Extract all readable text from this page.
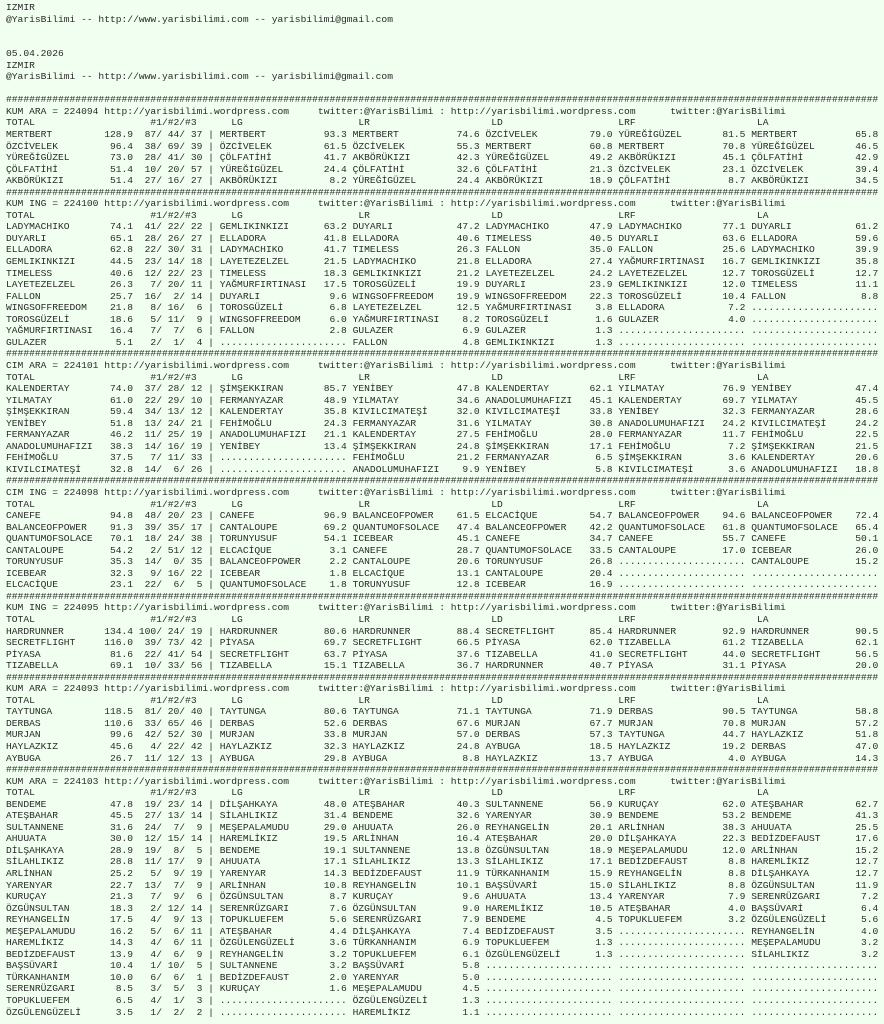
IZMIR
@YarisBilimi -- http://www.yarisbilimi.com -- yarisbilimi@gmail.com
05.04.2026
IZMIR
@YarisBilimi -- http://www.yarisbilimi.com -- yarisbilimi@gmail.com
#######################################################################################################################################################
KUM ARA = 224094 http://yarisbilimi.wordpress.com     twitter:@YarisBilimi : http://yarisbilimi.wordpress.com      twitter:@YarisBilimi
TOTAL                    #1/#2/#3      LG                    LR                     LD                    LRF                     LA
MERTBERT         128.9  87/ 44/ 37 | MERTBERT          93.3 MERTBERT          74.6 ÖZCİVELEK         79.0 YÜREĞİGÜZEL       81.5 MERTBERT          65.8
ÖZCİVELEK         96.4  38/ 69/ 39 | ÖZCİVELEK         61.5 ÖZCİVELEK         55.3 MERTBERT          60.8 MERTBERT          70.8 YÜREĞİGÜZEL       46.5
YÜREĞİGÜZEL       73.0  28/ 41/ 30 | ÇÖLFATİHİ         41.7 AKBÖRÜKIZI        42.3 YÜREĞİGÜZEL       49.2 AKBÖRÜKIZI        45.1 ÇÖLFATİHİ         42.9
ÇÖLFATİHİ         51.4  10/ 20/ 57 | YÜREĞİGÜZEL       24.4 ÇÖLFATİHİ         32.6 ÇÖLFATİHİ         21.3 ÖZCİVELEK         23.1 ÖZCİVELEK         39.4
AKBÖRÜKIZI        51.4  27/ 16/ 27 | AKBÖRÜKIZI         8.2 YÜREĞİGÜZEL       24.4 AKBÖRÜKIZI        18.9 ÇÖLFATİHİ          8.7 AKBÖRÜKIZI        34.5
#######################################################################################################################################################
KUM ING = 224100 http://yarisbilimi.wordpress.com     twitter:@YarisBilimi : http://yarisbilimi.wordpress.com      twitter:@YarisBilimi
TOTAL                    #1/#2/#3      LG                    LR                     LD                    LRF                     LA
LADYMACHIKO       74.1  41/ 22/ 22 | GEMLIKINKIZI      63.2 DUYARLI           47.2 LADYMACHIKO       47.9 LADYMACHIKO       77.1 DUYARLI           61.2
DUYARLI           65.1  28/ 26/ 27 | ELLADORA          41.8 ELLADORA          40.6 TIMELESS          40.5 DUYARLI           63.6 ELLADORA          59.6
ELLADORA          62.8  22/ 30/ 31 | LADYMACHIKO       41.7 TIMELESS          26.3 FALLON            35.0 FALLON            25.6 LADYMACHIKO       39.9
GEMLIKINKIZI      44.5  23/ 14/ 18 | LAYETEZELZEL      21.5 LADYMACHIKO       21.8 ELLADORA          27.4 YAĞMURFIRTINASI   16.7 GEMLIKINKIZI      35.8
TIMELESS          40.6  12/ 22/ 23 | TIMELESS          18.3 GEMLIKINKIZI      21.2 LAYETEZELZEL      24.2 LAYETEZELZEL      12.7 TOROSGÜZELİ       12.7
LAYETEZELZEL      26.3   7/ 20/ 11 | YAĞMURFIRTINASI   17.5 TOROSGÜZELİ       19.9 DUYARLI           23.9 GEMLIKINKIZI      12.0 TIMELESS          11.1
FALLON            25.7  16/  2/ 14 | DUYARLI            9.6 WINGSOFFREEDOM    19.9 WINGSOFFREEDOM    22.3 TOROSGÜZELİ       10.4 FALLON             8.8
WINGSOFFREEDOM    21.8   8/ 16/  6 | TOROSGÜZELİ        6.8 LAYETEZELZEL      12.5 YAĞMURFIRTINASI    3.8 ELLADORA           7.2 ......................
TOROSGÜZELİ       18.6   5/ 11/  9 | WINGSOFFREEDOM     6.0 YAĞMURFIRTINASI    8.2 TOROSGÜZELİ        1.6 GULAZER            4.0 ......................
YAĞMURFIRTINASI   16.4   7/  7/  6 | FALLON             2.8 GULAZER            6.9 GULAZER            1.3 ...................... ......................
GULAZER            5.1   2/  1/  4 | ...................... FALLON             4.8 GEMLIKINKIZI       1.3 ...................... ......................
#######################################################################################################################################################
CIM ARA = 224101 http://yarisbilimi.wordpress.com     twitter:@YarisBilimi : http://yarisbilimi.wordpress.com      twitter:@YarisBilimi
TOTAL                    #1/#2/#3      LG                    LR                     LD                    LRF                     LA
KALENDERTAY       74.0  37/ 28/ 12 | ŞİMŞEKKIRAN       85.7 YENİBEY           47.8 KALENDERTAY       62.1 YILMATAY          76.9 YENİBEY           47.4
YILMATAY          61.0  22/ 29/ 10 | FERMANYAZAR       48.9 YILMATAY          34.6 ANADOLUMUHAFIZI   45.1 KALENDERTAY       69.7 YILMATAY          45.5
ŞİMŞEKKIRAN       59.4  34/ 13/ 12 | KALENDERTAY       35.8 KIVILCIMATEŞİ     32.0 KIVILCIMATEŞİ     33.8 YENİBEY           32.3 FERMANYAZAR       28.6
YENİBEY           51.8  13/ 24/ 21 | FEHİMOĞLU         24.3 FERMANYAZAR       31.6 YILMATAY          30.8 ANADOLUMUHAFIZI   24.2 KIVILCIMATEŞİ     24.2
FERMANYAZAR       46.2  11/ 25/ 19 | ANADOLUMUHAFIZI   21.1 KALENDERTAY       27.5 FEHİMOĞLU         28.0 FERMANYAZAR       11.7 FEHİMOĞLU         22.5
ANADOLUMUHAFIZI   38.3  14/ 16/ 19 | YENİBEY           13.4 ŞİMŞEKKIRAN       24.8 ŞİMŞEKKIRAN       17.1 FEHİMOĞLU          7.2 ŞİMŞEKKIRAN       21.5
FEHİMOĞLU         37.5   7/ 11/ 33 | ...................... FEHİMOĞLU         21.2 FERMANYAZAR        6.5 ŞİMŞEKKIRAN        3.6 KALENDERTAY       20.6
KIVILCIMATEŞİ     32.8  14/  6/ 26 | ...................... ANADOLUMUHAFIZI    9.9 YENİBEY            5.8 KIVILCIMATEŞİ      3.6 ANADOLUMUHAFIZI   18.8
#######################################################################################################################################################
CIM ING = 224098 http://yarisbilimi.wordpress.com     twitter:@YarisBilimi : http://yarisbilimi.wordpress.com      twitter:@YarisBilimi
TOTAL                    #1/#2/#3      LG                    LR                     LD                    LRF                     LA
CANEFE            94.8  48/ 20/ 23 | CANEFE            96.9 BALANCEOFPOWER    61.5 ELCACİQUE         54.7 BALANCEOFPOWER    94.6 BALANCEOFPOWER    72.4
BALANCEOFPOWER    91.3  39/ 35/ 17 | CANTALOUPE        69.2 QUANTUMOFSOLACE   47.4 BALANCEOFPOWER    42.2 QUANTUMOFSOLACE   61.8 QUANTUMOFSOLACE   65.4
QUANTUMOFSOLACE   70.1  18/ 24/ 38 | TORUNYUSUF        54.1 ICEBEAR           45.1 CANEFE            34.7 CANEFE            55.7 CANEFE            50.1
CANTALOUPE        54.2   2/ 51/ 12 | ELCACİQUE          3.1 CANEFE            28.7 QUANTUMOFSOLACE   33.5 CANTALOUPE        17.0 ICEBEAR           26.0
TORUNYUSUF        35.3  14/  0/ 35 | BALANCEOFPOWER     2.2 CANTALOUPE        20.6 TORUNYUSUF        26.8 ...................... CANTALOUPE        15.2
ICEBEAR           32.3   9/ 16/ 22 | ICEBEAR            1.8 ELCACİQUE         13.1 CANTALOUPE        20.4 ...................... ......................
ELCACİQUE         23.1  22/  6/  5 | QUANTUMOFSOLACE    1.8 TORUNYUSUF        12.8 ICEBEAR           16.9 ...................... ......................
#######################################################################################################################################################
KUM ING = 224095 http://yarisbilimi.wordpress.com     twitter:@YarisBilimi : http://yarisbilimi.wordpress.com      twitter:@YarisBilimi
TOTAL                    #1/#2/#3      LG                    LR                     LD                    LRF                     LA
HARDRUNNER       134.4 100/ 24/ 19 | HARDRUNNER        80.6 HARDRUNNER        88.4 SECRETFLIGHT      85.4 HARDRUNNER        92.9 HARDRUNNER        90.5
SECRETFLIGHT     116.0  39/ 73/ 42 | PİYASA            69.7 SECRETFLIGHT      66.5 PİYASA            62.0 TIZABELLA         61.2 TIZABELLA         62.1
PİYASA            81.6  22/ 41/ 54 | SECRETFLIGHT      63.7 PİYASA            37.6 TIZABELLA         41.0 SECRETFLIGHT      44.0 SECRETFLIGHT      56.5
TIZABELLA         69.1  10/ 33/ 56 | TIZABELLA         15.1 TIZABELLA         36.7 HARDRUNNER        40.7 PİYASA            31.1 PİYASA            20.0
#######################################################################################################################################################
KUM ARA = 224093 http://yarisbilimi.wordpress.com     twitter:@YarisBilimi : http://yarisbilimi.wordpress.com      twitter:@YarisBilimi
TOTAL                    #1/#2/#3      LG                    LR                     LD                    LRF                     LA
TAYTUNGA         118.5  81/ 20/ 40 | TAYTUNGA          80.6 TAYTUNGA          71.1 TAYTUNGA          71.9 DERBAS            90.5 TAYTUNGA          58.8
DERBAS           110.6  33/ 65/ 46 | DERBAS            52.6 DERBAS            67.6 MURJAN            67.7 MURJAN            70.8 MURJAN            57.2
MURJAN            99.6  42/ 52/ 30 | MURJAN            33.8 MURJAN            57.0 DERBAS            57.3 TAYTUNGA          44.7 HAYLAZKIZ         51.8
HAYLAZKIZ         45.6   4/ 22/ 42 | HAYLAZKIZ         32.3 HAYLAZKIZ         24.8 AYBUGA            18.5 HAYLAZKIZ         19.2 DERBAS            47.0
AYBUGA            26.7  11/ 12/ 13 | AYBUGA            29.8 AYBUGA             8.8 HAYLAZKIZ         13.7 AYBUGA             4.0 AYBUGA            14.3
#######################################################################################################################################################
KUM ARA = 224103 http://yarisbilimi.wordpress.com     twitter:@YarisBilimi : http://yarisbilimi.wordpress.com      twitter:@YarisBilimi
TOTAL                    #1/#2/#3      LG                    LR                     LD                    LRF                     LA
BENDEME           47.8  19/ 23/ 14 | DİLŞAHKAYA        48.0 ATEŞBAHAR         40.3 SULTANNENE        56.9 KURUÇAY           62.0 ATEŞBAHAR         62.7
ATEŞBAHAR         45.5  27/ 13/ 14 | SİLAHLIKIZ        31.4 BENDEME           32.6 YARENYAR          30.9 BENDEME           53.2 BENDEME           41.3
SULTANNENE        31.6  24/  7/  9 | MEŞEPALAMUDU      29.0 AHUUATA           26.0 REYHANGELİN       20.1 ARLİNHAN          38.3 AHUUATA           25.5
AHUUATA           30.0  12/ 15/ 14 | HAREMLİKIZ        19.5 ARLİNHAN          16.4 ATEŞBAHAR         20.0 DİLŞAHKAYA        22.3 BEDİZDEFAUST      17.6
DİLŞAHKAYA        28.9  19/  8/  5 | BENDEME           19.1 SULTANNENE        13.8 ÖZGÜNSULTAN       18.9 MEŞEPALAMUDU      12.0 ARLİNHAN          15.2
SİLAHLIKIZ        28.8  11/ 17/  9 | AHUUATA           17.1 SİLAHLIKIZ        13.3 SİLAHLIKIZ        17.1 BEDİZDEFAUST       8.8 HAREMLİKIZ        12.7
ARLİNHAN          25.2   5/  9/ 19 | YARENYAR          14.3 BEDİZDEFAUST      11.9 TÜRKANHANIM       15.9 REYHANGELİN        8.8 DİLŞAHKAYA        12.7
YARENYAR          22.7  13/  7/  9 | ARLİNHAN          10.8 REYHANGELİN       10.1 BAŞSÜVARİ         15.0 SİLAHLIKIZ         8.8 ÖZGÜNSULTAN       11.9
KURUÇAY           21.3   7/  9/  6 | ÖZGÜNSULTAN        8.7 KURUÇAY            9.6 AHUUATA           13.4 YARENYAR           7.9 SERENRÜZGARI       7.2
ÖZGÜNSULTAN       18.3   2/ 12/ 14 | SERENRÜZGARI       7.6 ÖZGÜNSULTAN        9.0 HAREMLİKIZ        10.5 ATEŞBAHAR          4.0 BAŞSÜVARİ          6.4
REYHANGELİN       17.5   4/  9/ 13 | TOPUKLUEFEM        5.6 SERENRÜZGARI       7.9 BENDEME            4.5 TOPUKLUEFEM        3.2 ÖZGÜLENGÜZELİ      5.6
MEŞEPALAMUDU      16.2   5/  6/ 11 | ATEŞBAHAR          4.4 DİLŞAHKAYA         7.4 BEDİZDEFAUST       3.5 ...................... REYHANGELİN        4.0
HAREMLİKIZ        14.3   4/  6/ 11 | ÖZGÜLENGÜZELİ      3.6 TÜRKANHANIM        6.9 TOPUKLUEFEM        1.3 ...................... MEŞEPALAMUDU       3.2
BEDİZDEFAUST      13.9   4/  6/  9 | REYHANGELİN        3.2 TOPUKLUEFEM        6.1 ÖZGÜLENGÜZELİ      1.3 ...................... SİLAHLIKIZ         3.2
BAŞSÜVARİ         10.4   1/ 10/  5 | SULTANNENE         3.2 BAŞSÜVARİ          5.8 ...................... ...................... ......................
TÜRKANHANIM       10.0   6/  6/  1 | BEDİZDEFAUST       2.0 YARENYAR           5.0 ...................... ...................... ......................
SERENRÜZGARI       8.5   3/  5/  3 | KURUÇAY            1.6 MEŞEPALAMUDU       4.5 ...................... ...................... ......................
TOPUKLUEFEM        6.5   4/  1/  3 | ...................... ÖZGÜLENGÜZELİ      1.3 ...................... ...................... ......................
ÖZGÜLENGÜZELİ      3.5   1/  2/  2 | ...................... HAREMLİKIZ         1.1 ...................... ...................... ......................
